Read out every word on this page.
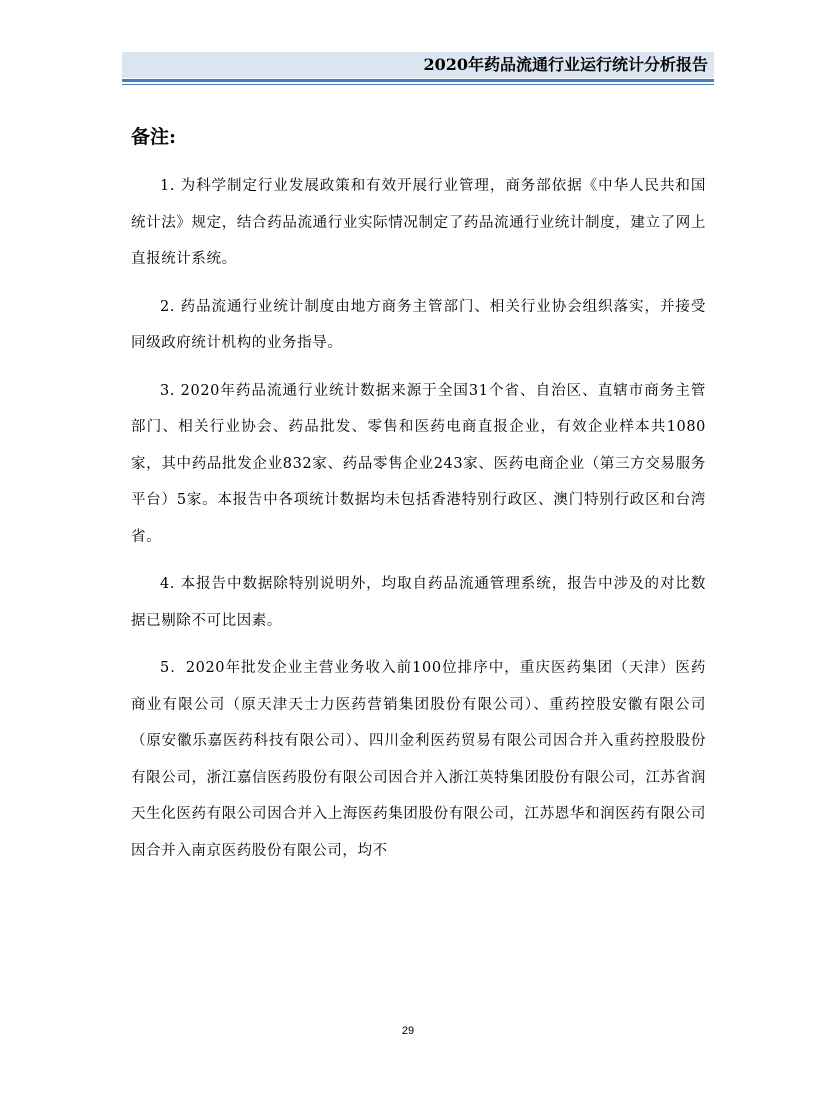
2020年药品流通行业运行统计分析报告
备注:

1. 为科学制定行业发展政策和有效开展行业管理，商务部依据《中华人民共和国统计法》规定，结合药品流通行业实际情况制定了药品流通行业统计制度，建立了网上直报统计系统。

2. 药品流通行业统计制度由地方商务主管部门、相关行业协会组织落实，并接受同级政府统计机构的业务指导。

3. 2020年药品流通行业统计数据来源于全国31个省、自治区、直辖市商务主管部门、相关行业协会、药品批发、零售和医药电商直报企业，有效企业样本共1080家，其中药品批发企业832家、药品零售企业243家、医药电商企业（第三方交易服务平台）5家。本报告中各项统计数据均未包括香港特别行政区、澳门特别行政区和台湾省。

4. 本报告中数据除特别说明外，均取自药品流通管理系统，报告中涉及的对比数据已剔除不可比因素。

5．2020年批发企业主营业务收入前100位排序中，重庆医药集团（天津）医药商业有限公司（原天津天士力医药营销集团股份有限公司）、重药控股安徽有限公司（原安徽乐嘉医药科技有限公司）、四川金利医药贸易有限公司因合并入重药控股股份有限公司，浙江嘉信医药股份有限公司因合并入浙江英特集团股份有限公司，江苏省润天生化医药有限公司因合并入上海医药集团股份有限公司，江苏恩华和润医药有限公司因合并入南京医药股份有限公司，均不

29
